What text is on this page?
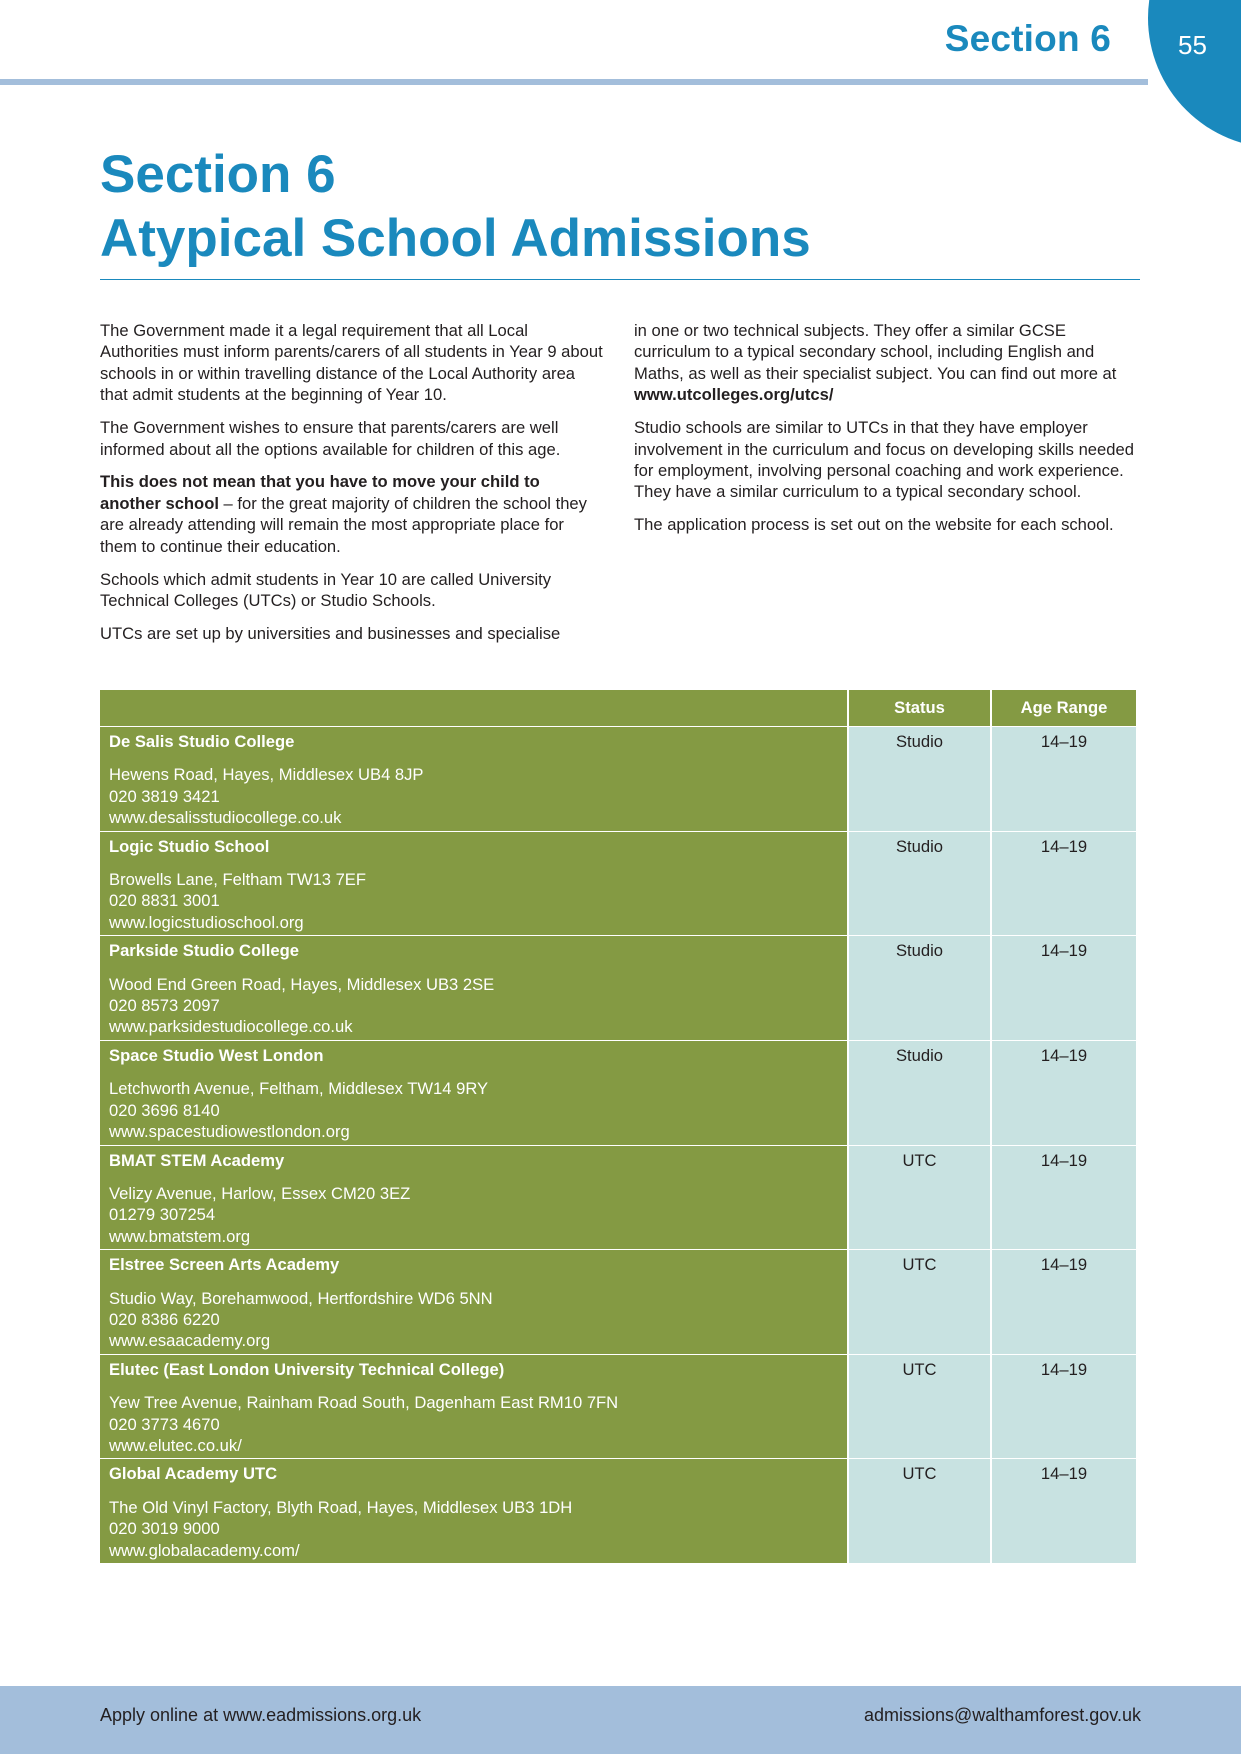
Section 6	55
Section 6
Atypical School Admissions

The Government made it a legal requirement that all Local Authorities must inform parents/carers of all students in Year 9 about schools in or within travelling distance of the Local Authority area that admit students at the beginning of Year 10.

The Government wishes to ensure that parents/carers are well informed about all the options available for children of this age.

This does not mean that you have to move your child to another school – for the great majority of children the school they are already attending will remain the most appropriate place for them to continue their education.

Schools which admit students in Year 10 are called University Technical Colleges (UTCs) or Studio Schools.

UTCs are set up by universities and businesses and specialise

in one or two technical subjects. They offer a similar GCSE curriculum to a typical secondary school, including English and Maths, as well as their specialist subject. You can find out more at www.utcolleges.org/utcs/

Studio schools are similar to UTCs in that they have employer involvement in the curriculum and focus on developing skills needed for employment, involving personal coaching and work experience. They have a similar curriculum to a typical secondary school.

The application process is set out on the website for each school.

	Status	Age Range

De Salis Studio College
Hewens Road, Hayes, Middlesex UB4 8JP
020 3819 3421
www.desalisstudiocollege.co.uk	Studio	14–19

Logic Studio School
Browells Lane, Feltham TW13 7EF
020 8831 3001
www.logicstudioschool.org	Studio	14–19

Parkside Studio College
Wood End Green Road, Hayes, Middlesex UB3 2SE
020 8573 2097
www.parksidestudiocollege.co.uk	Studio	14–19

Space Studio West London
Letchworth Avenue, Feltham, Middlesex TW14 9RY
020 3696 8140
www.spacestudiowestlondon.org	Studio	14–19

BMAT STEM Academy
Velizy Avenue, Harlow, Essex CM20 3EZ
01279 307254
www.bmatstem.org	UTC	14–19

Elstree Screen Arts Academy
Studio Way, Borehamwood, Hertfordshire WD6 5NN
020 8386 6220
www.esaacademy.org	UTC	14–19

Elutec (East London University Technical College)
Yew Tree Avenue, Rainham Road South, Dagenham East RM10 7FN
020 3773 4670
www.elutec.co.uk/	UTC	14–19

Global Academy UTC
The Old Vinyl Factory, Blyth Road, Hayes, Middlesex UB3 1DH
020 3019 9000
www.globalacademy.com/	UTC	14–19
Apply online at www.eadmissions.org.uk	admissions@walthamforest.gov.uk
